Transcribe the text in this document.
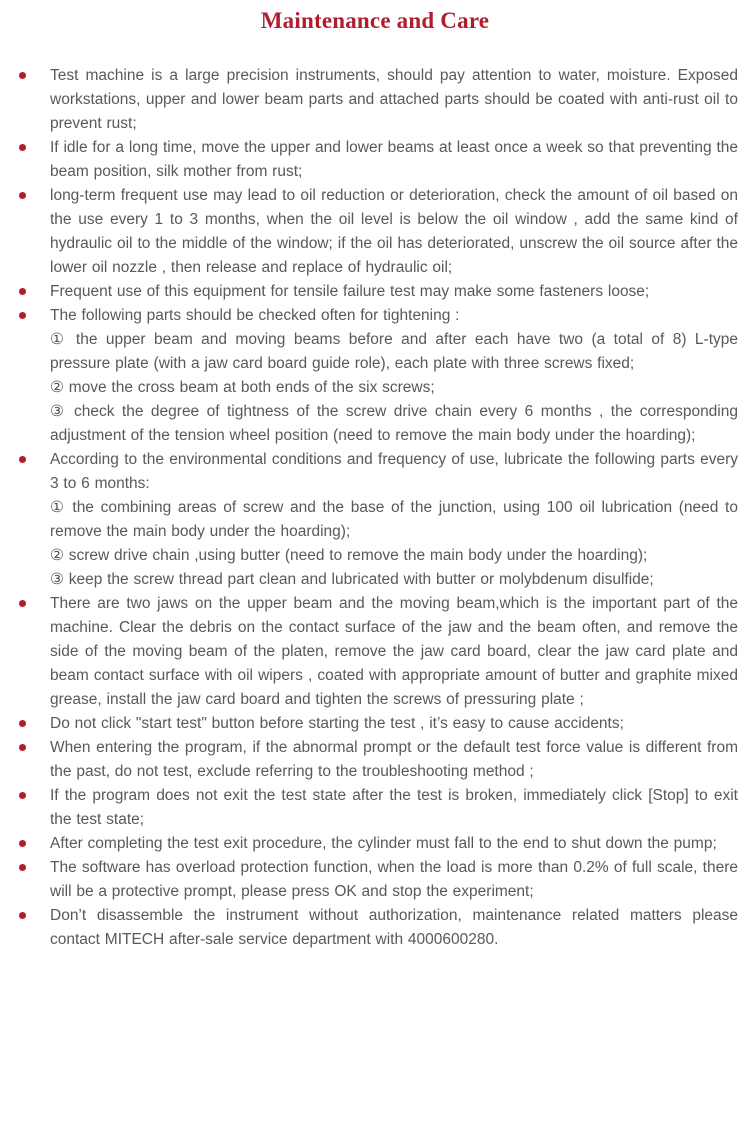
Maintenance and Care

Test machine is a large precision instruments, should pay attention to water, moisture. Exposed workstations, upper and lower beam parts and attached parts should be coated with anti-rust oil to prevent rust;

If idle for a long time, move the upper and lower beams at least once a week so that preventing the beam position, silk mother from rust;

long-term frequent use may lead to oil reduction or deterioration, check the amount of oil based on the use every 1 to 3 months, when the oil level is below the oil window , add the same kind of hydraulic oil to the middle of the window; if the oil has deteriorated, unscrew the oil source after the lower oil nozzle , then release and replace of hydraulic oil;

Frequent use of this equipment for tensile failure test may make some fasteners loose;

The following parts should be checked often for tightening :

① the upper beam and moving beams before and after each have two (a total of 8) L-type pressure plate (with a jaw card board guide role), each plate with three screws fixed;

② move the cross beam at both ends of the six screws;

③ check the degree of tightness of the screw drive chain every 6 months , the corresponding adjustment of the tension wheel position (need to remove the main body under the hoarding);

According to the environmental conditions and frequency of use, lubricate the following parts every 3 to 6 months:

① the combining areas of screw and the base of the junction, using 100 oil lubrication (need to remove the main body under the hoarding);

② screw drive chain ,using butter (need to remove the main body under the hoarding);

③ keep the screw thread part clean and lubricated with butter or molybdenum disulfide;

There are two jaws on the upper beam and the moving beam,which is the important part of the machine. Clear the debris on the contact surface of the jaw and the beam often, and remove the side of the moving beam of the platen, remove the jaw card board, clear the jaw card plate and beam contact surface with oil wipers , coated with appropriate amount of butter and graphite mixed grease, install the jaw card board and tighten the screws of pressuring plate ;

Do not click "start test" button before starting the test , it’s easy to cause accidents;

When entering the program, if the abnormal prompt or the default test force value is different from the past, do not test, exclude referring to the troubleshooting method ;

If the program does not exit the test state after the test is broken, immediately click [Stop] to exit the test state;

After completing the test exit procedure, the cylinder must fall to the end to shut down the pump;

The software has overload protection function, when the load is more than 0.2% of full scale, there will be a protective prompt, please press OK and stop the experiment;

Don’t disassemble the instrument without authorization, maintenance related matters please contact MITECH after-sale service department with 4000600280.
